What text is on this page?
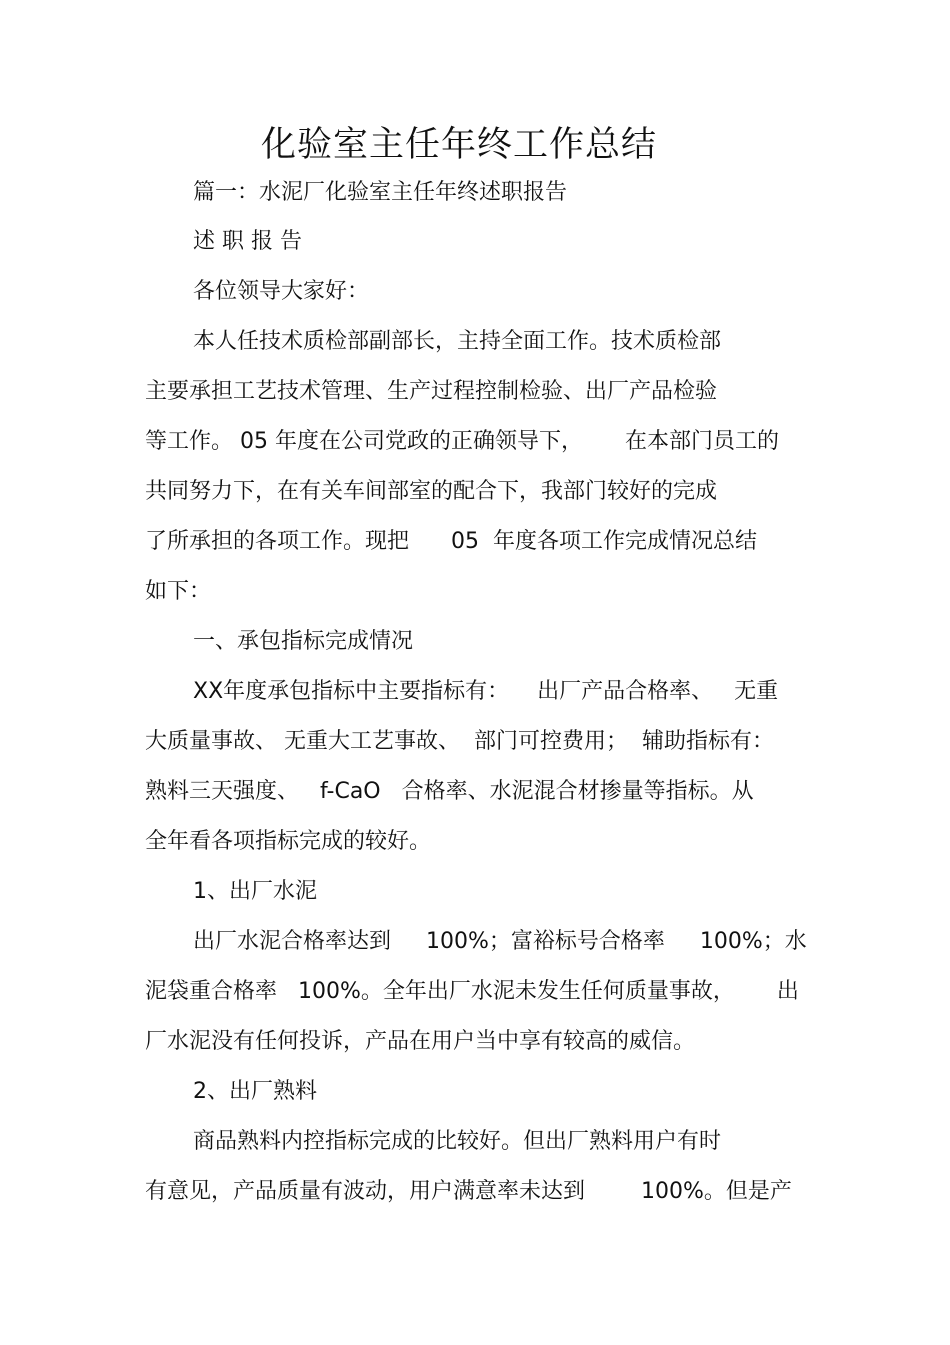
化验室主任年终工作总结

篇一：水泥厂化验室主任年终述职报告

述 职 报 告

各位领导大家好：

本人任技术质检部副部长，主持全面工作。技术质检部

主要承担工艺技术管理、生产过程控制检验、出厂产品检验

等工作。 05 年度在公司党政的正确领导下，      在本部门员工的

共同努力下，在有关车间部室的配合下，我部门较好的完成

了所承担的各项工作。现把      05  年度各项工作完成情况总结

如下：

一、承包指标完成情况

XX年度承包指标中主要指标有：    出厂产品合格率、   无重

大质量事故、 无重大工艺事故、  部门可控费用；  辅助指标有：

熟料三天强度、   f-CaO   合格率、水泥混合材掺量等指标。从

全年看各项指标完成的较好。

1、出厂水泥

出厂水泥合格率达到     100%；富裕标号合格率     100%；水

泥袋重合格率   100%。全年出厂水泥未发生任何质量事故，      出

厂水泥没有任何投诉，产品在用户当中享有较高的威信。

2、出厂熟料

商品熟料内控指标完成的比较好。但出厂熟料用户有时

有意见，产品质量有波动，用户满意率未达到        100%。但是产
